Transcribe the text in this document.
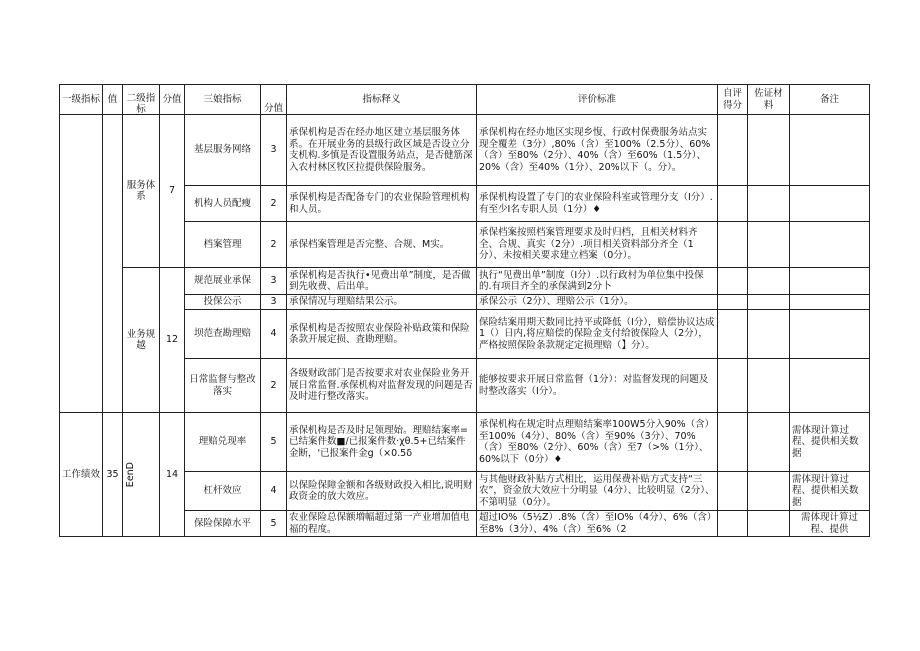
一级指标	值	二级指标	分值	三娘指标	分值	指标释义	评价标准	自评得分	佐证材料	备注
		服务体系	7	基层服务网络	3	承保机构是否在经办地区建立基层服务体系。在开展业务的县级行政区域是否设立分支机构.多慎是否设置服务站点，是否健筋深入农村林区牧区拉提供保险服务。	承保机构在经办地区实现乡愎、行政村保费服务站点实现全覆差（3分）,80%（含）至100%（2.5分）、60%（含）至80%（2分）、40%（含）至60%（1.5分）、20%（含）至40%（1分）、20%以下（。分）。			
				机构人员配瘦	2	承保机构是否配备专门的农业保险管理机构和人员。	承保机构设置了专门的农业保险科室或管理分支（I分）.有至少I名专职人员（1分）♦			
				档案管理	2	承保档案管理是否完整、合规、M实。	承保档案按照档案管理要求及时归档，且相关材料齐全、合规、真实（2分）.项目相关资料部分齐全（1分）、未按相关要求建立档案（0分）。			
		业务规越	12	规范展业承保	3	承保机构是否执行•见费出单”制度，是否做到先收费、后出单。	执行“见费出单”制度（I分）.以行政村为单位集中投保的.有项目齐全的承保满到2分卜			
				投保公示	3	承保情况与理赔结果公示。	承保公示（2分）、理赔公示（1分）。			
				坝范查勘理赔	4	承保机构是否按照农业保险补贴政策和保险条款开展定损、査勘理赔。	保险结案用期天数同比持平或降低（I分），赔偿协议达成1（）日内,将应赔偿的保险金支付给彼保险人（2分），严格按照保险条款规定定损理赔（】分）。			
				日常监督与整改落实	2	各级财政部门是否按要求对农业保险业务开展日常监督.承保机构对监督发现的问题是否及时进行整改落实。	能够按要求开展日常监督（1分）：对监督发现的问题及时整改落实（I分）。			
工作绩效	35	EenD	14	理赔兑现率	5	承保机构是否及时足领理始。理赔结案率=已结案件数■/已报案件数·χθ.5+已结案件金断，'已报案件金g（×0.5δ	承保机构在规定时点理赔结案率100W5分入90%（含）至100%（4分）、80%（含）至90%（3分）、70%（含）至80%（2分）、60%（含）至7（>%（1分）、60%以下（0分）♦			需体现计算过程、提供相关数据
				杠杆效应	4	以保险保障金额和各级财政投入相比,说明财政资金的放大效应。	与其他财政补贴方式相比，运用保费补贴方式支持“三农”，资金放大效应十分明显（4分）、比较明显（2分）、不第明显（0分）。			需体现计算过程、提供相关数据
				保险保障水平	5	农业保险总保额増幅超过第一产业增加值电福的程度。	超过IO%（5½Z）.8%（含）至IO%（4分）、6%（含）至8%（3分）、4%（含）至6%（2			需体现计算过程、提供
